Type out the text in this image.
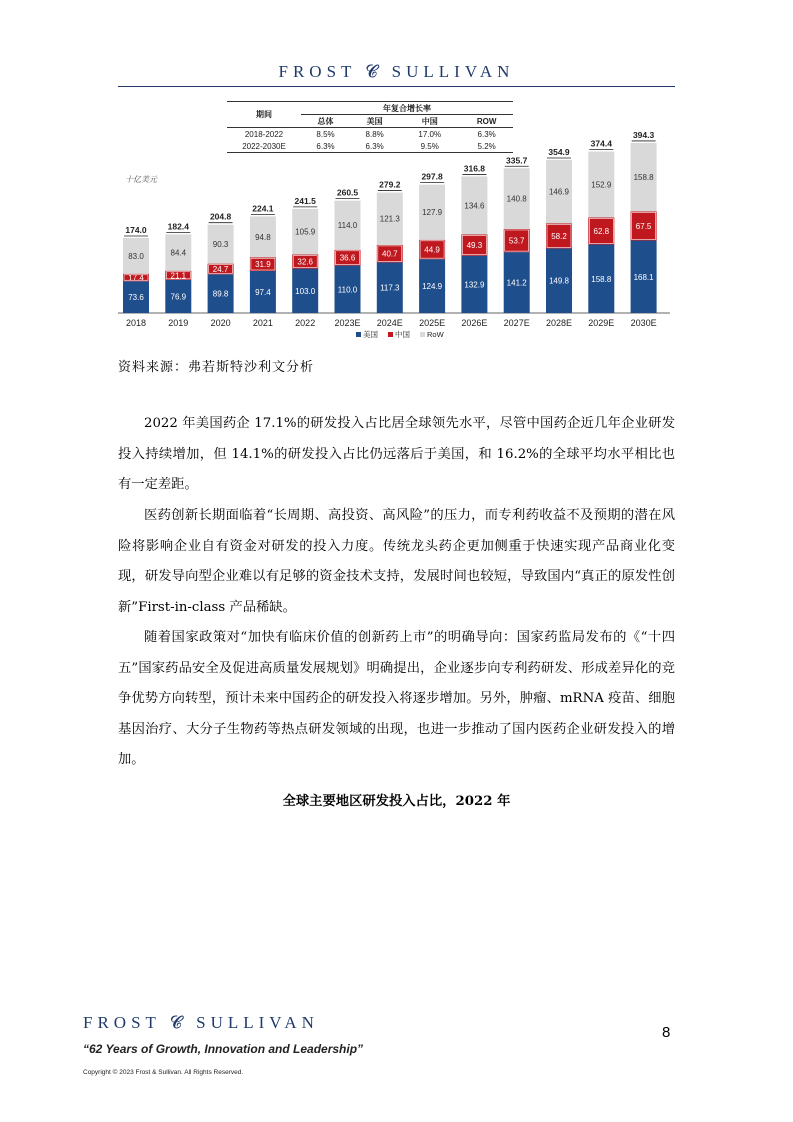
FROST 𝓒 SULLIVAN
期间	年复合增长率			
	总体	美国	中国	ROW
2018-2022	8.5%	8.8%	17.0%	6.3%
2022-2030E	6.3%	6.3%	9.5%	5.2%
十亿美元
73.6
17.4
83.0
174.0
2018
76.9
21.1
84.4
182.4
2019
89.8
24.7
90.3
204.8
2020
97.4
31.9
94.8
224.1
2021
103.0
32.6
105.9
241.5
2022
110.0
36.6
114.0
260.5
2023E
117.3
40.7
121.3
279.2
2024E
124.9
44.9
127.9
297.8
2025E
132.9
49.3
134.6
316.8
2026E
141.2
53.7
140.8
335.7
2027E
149.8
58.2
146.9
354.9
2028E
158.8
62.8
152.9
374.4
2029E
168.1
67.5
158.8
394.3
2030E
美国 中国 RoW
资料来源：弗若斯特沙利文分析

2022 年美国药企 17.1%的研发投入占比居全球领先水平，尽管中国药企近几年企业研发投入持续增加，但 14.1%的研发投入占比仍远落后于美国，和 16.2%的全球平均水平相比也有一定差距。

医药创新长期面临着“长周期、高投资、高风险”的压力，而专利药收益不及预期的潜在风险将影响企业自有资金对研发的投入力度。传统龙头药企更加侧重于快速实现产品商业化变现，研发导向型企业难以有足够的资金技术支持，发展时间也较短，导致国内“真正的原发性创新”First-in-class 产品稀缺。

随着国家政策对“加快有临床价值的创新药上市”的明确导向：国家药监局发布的《“十四五”国家药品安全及促进高质量发展规划》明确提出，企业逐步向专利药研发、形成差异化的竞争优势方向转型，预计未来中国药企的研发投入将逐步增加。另外，肿瘤、mRNA 疫苗、细胞基因治疗、大分子生物药等热点研发领域的出现，也进一步推动了国内医药企业研发投入的增加。

全球主要地区研发投入占比，2022 年
FROST 𝓒 SULLIVAN
8
“62 Years of Growth, Innovation and Leadership”
Copyright © 2023 Frost & Sullivan. All Rights Reserved.
